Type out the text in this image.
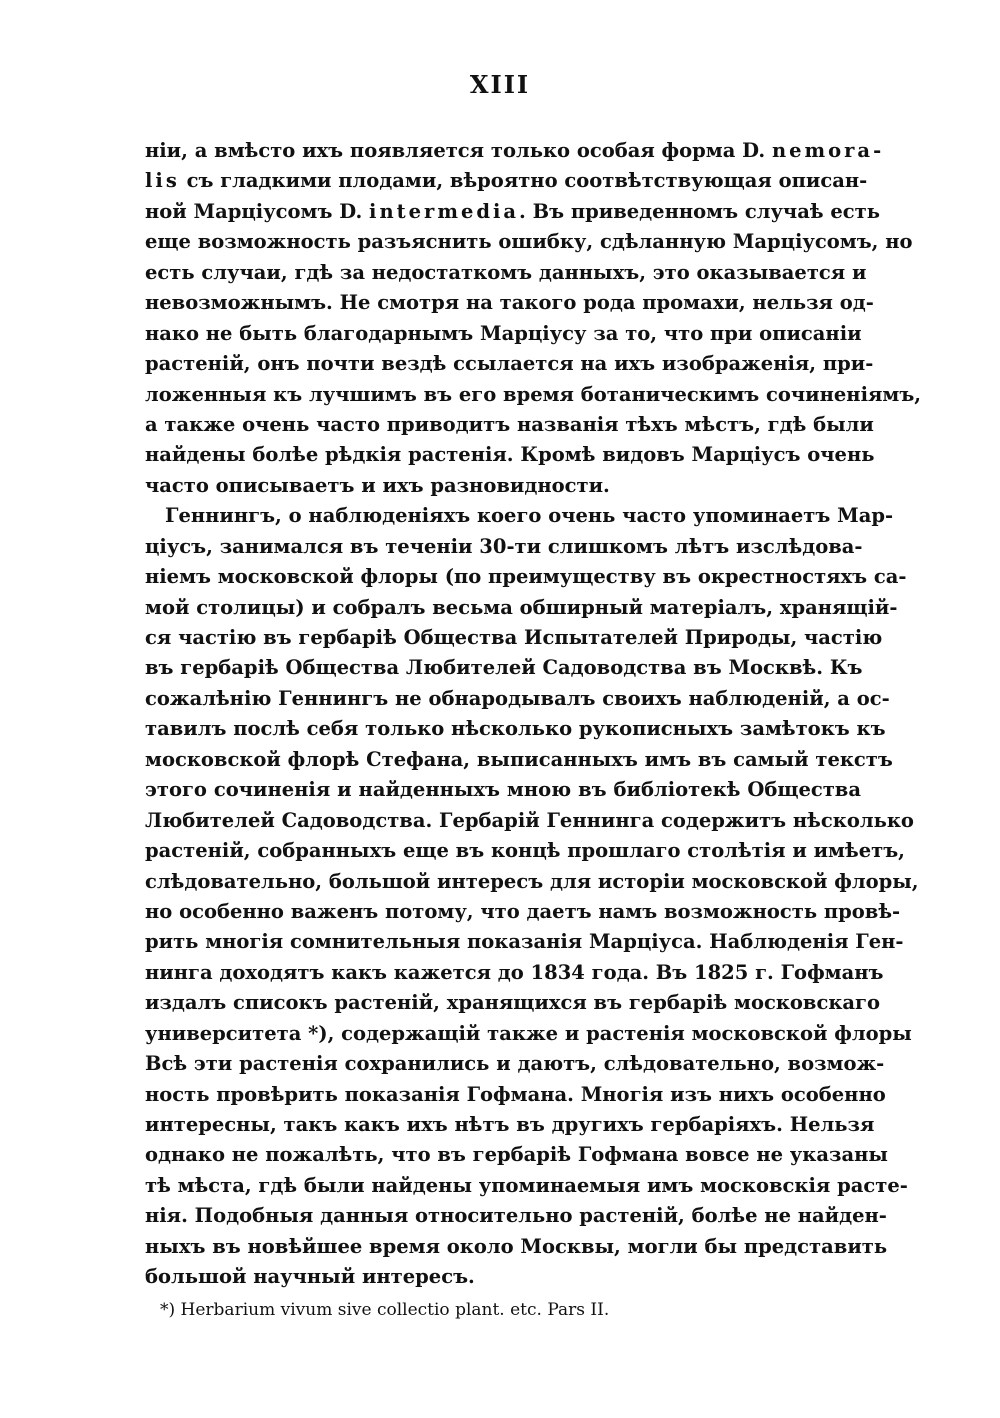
XIII
ніи, а вмѣсто ихъ появляется только особая форма D. nemora-
lis съ гладкими плодами, вѣроятно соотвѣтствующая описан-
ной Марціусомъ D. intermedia. Въ приведенномъ случаѣ есть
еще возможность разъяснить ошибку, сдѣланную Марціусомъ, но
есть случаи, гдѣ за недостаткомъ данныхъ, это оказывается и
невозможнымъ. Не смотря на такого рода промахи, нельзя од-
нако не быть благодарнымъ Марціусу за то, что при описаніи
растеній, онъ почти вездѣ ссылается на ихъ изображенія, при-
ложенныя къ лучшимъ въ его время ботаническимъ сочиненіямъ,
а также очень часто приводитъ названія тѣхъ мѣстъ, гдѣ были
найдены болѣе рѣдкія растенія. Кромѣ видовъ Марціусъ очень
часто описываетъ и ихъ разновидности.
Геннингъ, о наблюденіяхъ коего очень часто упоминаетъ Мар-
ціусъ, занимался въ теченіи 30-ти слишкомъ лѣтъ изслѣдова-
ніемъ московской флоры (по преимуществу въ окрестностяхъ са-
мой столицы) и собралъ весьма обширный матеріалъ, хранящій-
ся частію въ гербаріѣ Общества Испытателей Природы, частію
въ гербаріѣ Общества Любителей Садоводства въ Москвѣ. Къ
сожалѣнію Геннингъ не обнародывалъ своихъ наблюденій, а ос-
тавилъ послѣ себя только нѣсколько рукописныхъ замѣтокъ къ
московской флорѣ Стефана, выписанныхъ имъ въ самый текстъ
этого сочиненія и найденныхъ мною въ библіотекѣ Общества
Любителей Садоводства. Гербарій Геннинга содержитъ нѣсколько
растеній, собранныхъ еще въ концѣ прошлаго столѣтія и имѣетъ,
слѣдовательно, большой интересъ для исторіи московской флоры,
но особенно важенъ потому, что даетъ намъ возможность провѣ-
рить многія сомнительныя показанія Марціуса. Наблюденія Ген-
нинга доходятъ какъ кажется до 1834 года. Въ 1825 г. Гофманъ
издалъ списокъ растеній, хранящихся въ гербаріѣ московскаго
университета *), содержащій также и растенія московской флоры
Всѣ эти растенія сохранились и даютъ, слѣдовательно, возмож-
ность провѣрить показанія Гофмана. Многія изъ нихъ особенно
интересны, такъ какъ ихъ нѣтъ въ другихъ гербаріяхъ. Нельзя
однако не пожалѣть, что въ гербаріѣ Гофмана вовсе не указаны
тѣ мѣста, гдѣ были найдены упоминаемыя имъ московскія расте-
нія. Подобныя данныя относительно растеній, болѣе не найден-
ныхъ въ новѣйшее время около Москвы, могли бы представить
большой научный интересъ.
*) Herbarium vivum sive collectio plant. etc. Pars II.
